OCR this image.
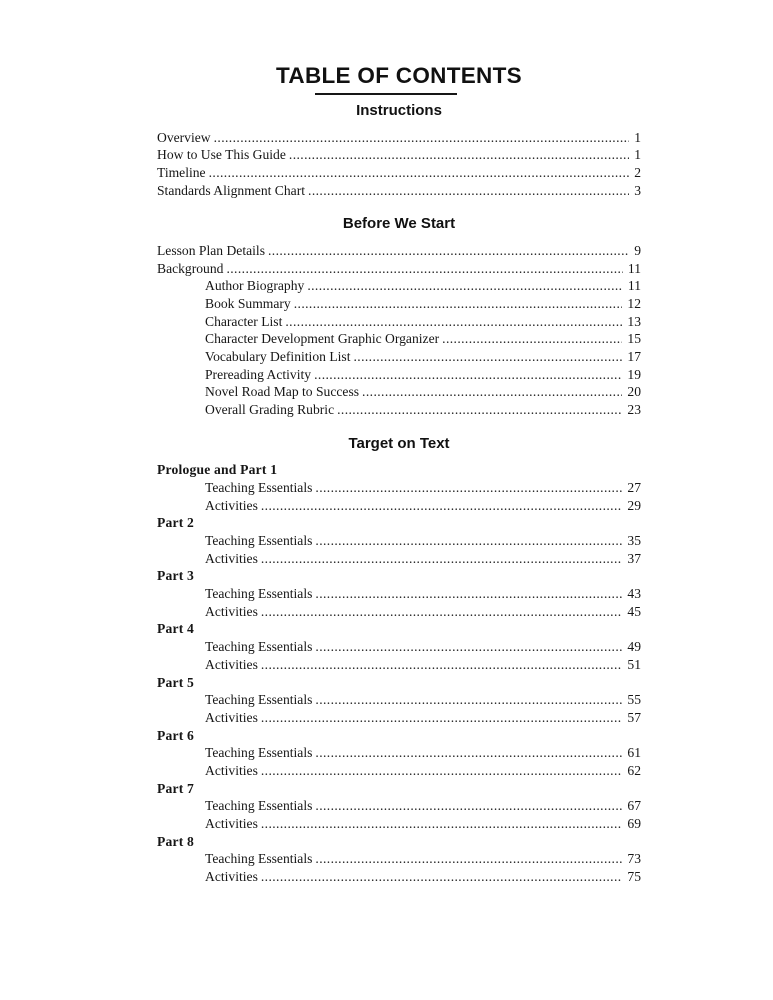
TABLE OF CONTENTS
Instructions
Overview . . .	1
How to Use This Guide . . .	1
Timeline . . .	2
Standards Alignment Chart . . .	3
Before We Start
Lesson Plan Details . . .	9
Background . . .	11
Author Biography . . .	11
Book Summary . . .	12
Character List . . .	13
Character Development Graphic Organizer . . .	15
Vocabulary Definition List . . .	17
Prereading Activity . . .	19
Novel Road Map to Success . . .	20
Overall Grading Rubric . . .	23
Target on Text
Prologue and Part 1
Teaching Essentials . . .	27
Activities . . .	29
Part 2
Teaching Essentials . . .	35
Activities . . .	37
Part 3
Teaching Essentials . . .	43
Activities . . .	45
Part 4
Teaching Essentials . . .	49
Activities . . .	51
Part 5
Teaching Essentials . . .	55
Activities . . .	57
Part 6
Teaching Essentials . . .	61
Activities . . .	62
Part 7
Teaching Essentials . . .	67
Activities . . .	69
Part 8
Teaching Essentials . . .	73
Activities . . .	75
